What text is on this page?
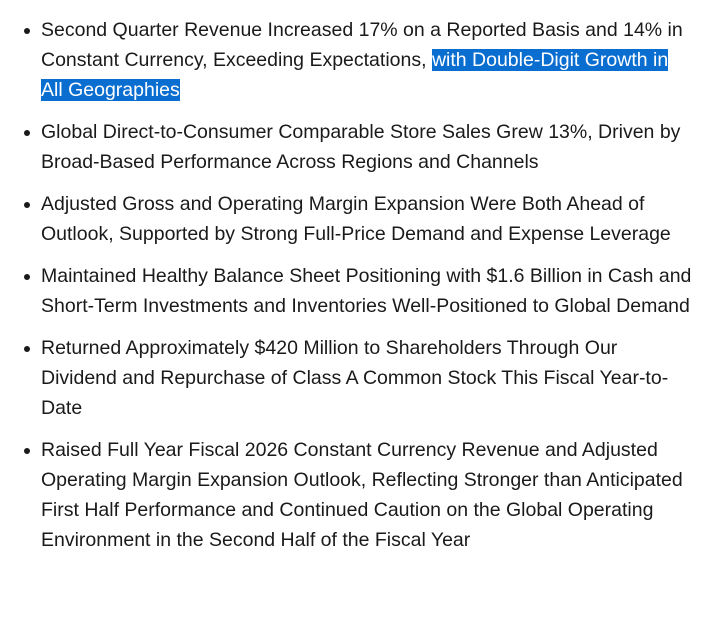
Second Quarter Revenue Increased 17% on a Reported Basis and 14% in Constant Currency, Exceeding Expectations, with Double-Digit Growth in All Geographies
Global Direct-to-Consumer Comparable Store Sales Grew 13%, Driven by Broad-Based Performance Across Regions and Channels
Adjusted Gross and Operating Margin Expansion Were Both Ahead of Outlook, Supported by Strong Full-Price Demand and Expense Leverage
Maintained Healthy Balance Sheet Positioning with $1.6 Billion in Cash and Short-Term Investments and Inventories Well-Positioned to Global Demand
Returned Approximately $420 Million to Shareholders Through Our Dividend and Repurchase of Class A Common Stock This Fiscal Year-to-Date
Raised Full Year Fiscal 2026 Constant Currency Revenue and Adjusted Operating Margin Expansion Outlook, Reflecting Stronger than Anticipated First Half Performance and Continued Caution on the Global Operating Environment in the Second Half of the Fiscal Year
